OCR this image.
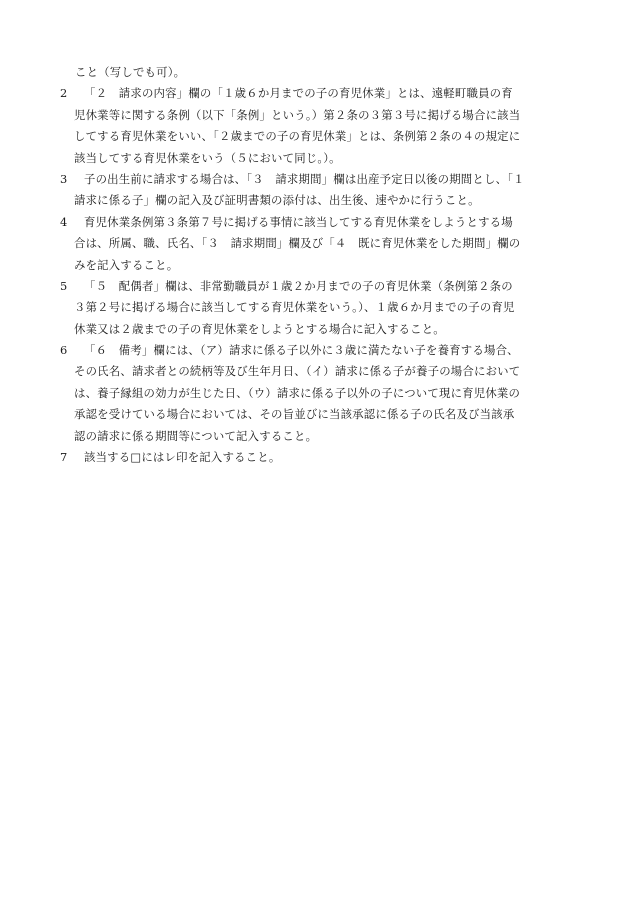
こと（写しでも可）。
2	「２　請求の内容」欄の「１歳６か月までの子の育児休業」とは、遠軽町職員の育
児休業等に関する条例（以下「条例」という。）第２条の３第３号に掲げる場合に該当
してする育児休業をいい、「２歳までの子の育児休業」とは、条例第２条の４の規定に
該当してする育児休業をいう（５において同じ。）。
3	子の出生前に請求する場合は、「３　請求期間」欄は出産予定日以後の期間とし、「１
請求に係る子」欄の記入及び証明書類の添付は、出生後、速やかに行うこと。
4	育児休業条例第３条第７号に掲げる事情に該当してする育児休業をしようとする場
合は、所属、職、氏名、「３　請求期間」欄及び「４　既に育児休業をした期間」欄の
みを記入すること。
5	「５　配偶者」欄は、非常勤職員が１歳２か月までの子の育児休業（条例第２条の
３第２号に掲げる場合に該当してする育児休業をいう。）、１歳６か月までの子の育児
休業又は２歳までの子の育児休業をしようとする場合に記入すること。
6	「６　備考」欄には、（ア）請求に係る子以外に３歳に満たない子を養育する場合、
その氏名、請求者との続柄等及び生年月日、（イ）請求に係る子が養子の場合において
は、養子縁組の効力が生じた日、（ウ）請求に係る子以外の子について現に育児休業の
承認を受けている場合においては、その旨並びに当該承認に係る子の氏名及び当該承
認の請求に係る期間等について記入すること。
7	該当する□にはレ印を記入すること。
